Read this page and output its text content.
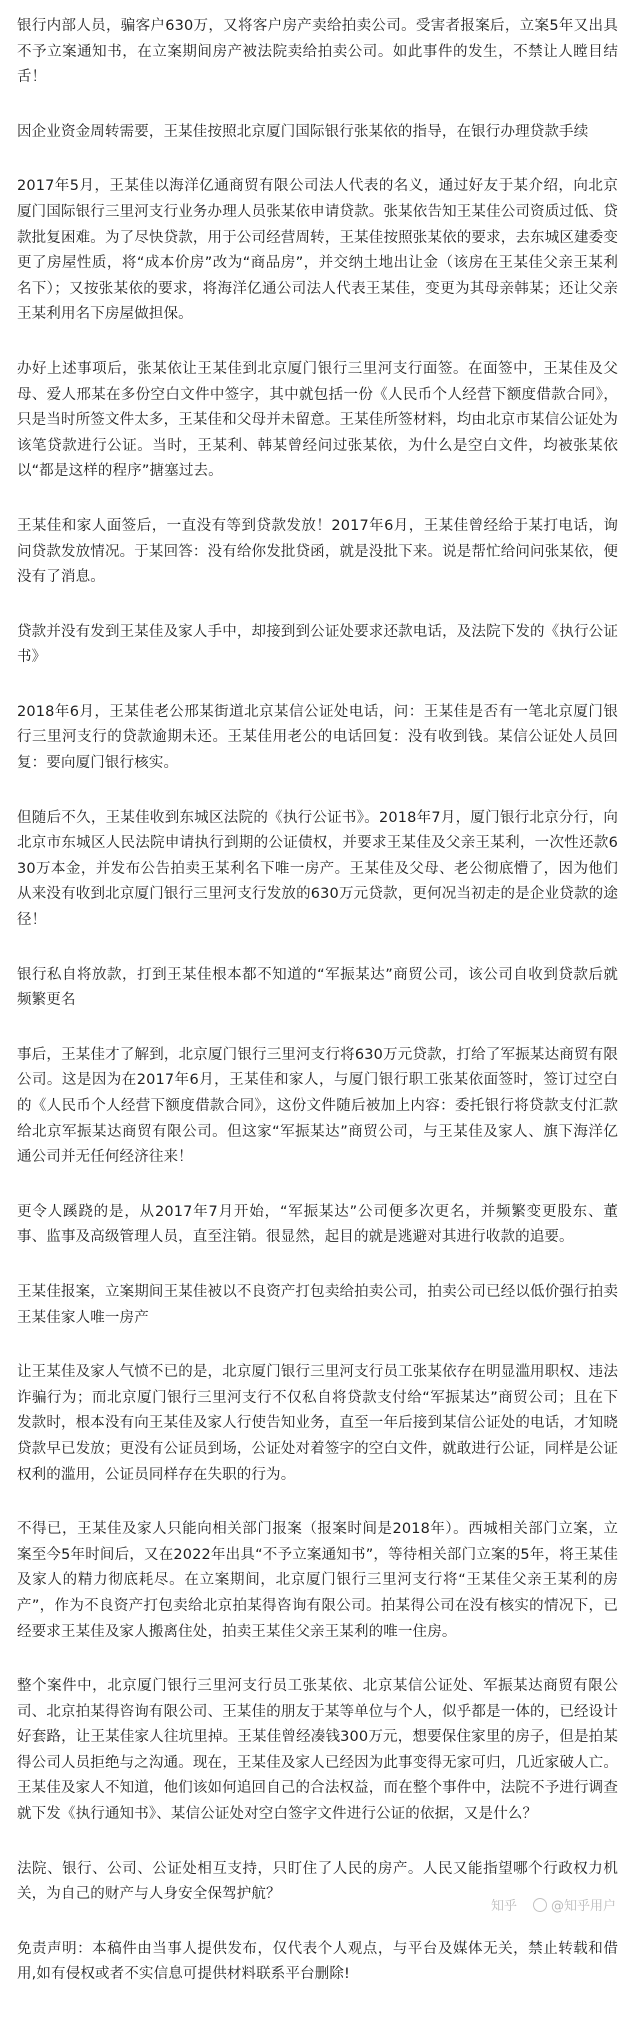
银行内部人员，骗客户630万，又将客户房产卖给拍卖公司。受害者报案后，立案5年又出具不予立案通知书，在立案期间房产被法院卖给拍卖公司。如此事件的发生，不禁让人瞠目结舌！

因企业资金周转需要，王某佳按照北京厦门国际银行张某依的指导，在银行办理贷款手续

2017年5月，王某佳以海洋亿通商贸有限公司法人代表的名义，通过好友于某介绍，向北京厦门国际银行三里河支行业务办理人员张某依申请贷款。张某依告知王某佳公司资质过低、贷款批复困难。为了尽快贷款，用于公司经营周转，王某佳按照张某依的要求，去东城区建委变更了房屋性质，将“成本价房”改为“商品房”，并交纳土地出让金（该房在王某佳父亲王某利名下）；又按张某依的要求，将海洋亿通公司法人代表王某佳，变更为其母亲韩某；还让父亲王某利用名下房屋做担保。

办好上述事项后，张某依让王某佳到北京厦门银行三里河支行面签。在面签中，王某佳及父母、爱人邢某在多份空白文件中签字，其中就包括一份《人民币个人经营下额度借款合同》，只是当时所签文件太多，王某佳和父母并未留意。王某佳所签材料，均由北京市某信公证处为该笔贷款进行公证。当时，王某利、韩某曾经问过张某依，为什么是空白文件，均被张某依以“都是这样的程序”搪塞过去。

王某佳和家人面签后，一直没有等到贷款发放！2017年6月，王某佳曾经给于某打电话，询问贷款发放情况。于某回答：没有给你发批贷函，就是没批下来。说是帮忙给问问张某依，便没有了消息。

贷款并没有发到王某佳及家人手中，却接到到公证处要求还款电话，及法院下发的《执行公证书》

2018年6月，王某佳老公邢某街道北京某信公证处电话，问：王某佳是否有一笔北京厦门银行三里河支行的贷款逾期未还。王某佳用老公的电话回复：没有收到钱。某信公证处人员回复：要向厦门银行核实。

但随后不久，王某佳收到东城区法院的《执行公证书》。2018年7月，厦门银行北京分行，向北京市东城区人民法院申请执行到期的公证债权，并要求王某佳及父亲王某利，一次性还款630万本金，并发布公告拍卖王某利名下唯一房产。王某佳及父母、老公彻底懵了，因为他们从来没有收到北京厦门银行三里河支行发放的630万元贷款，更何况当初走的是企业贷款的途径！

银行私自将放款，打到王某佳根本都不知道的“军振某达”商贸公司，该公司自收到贷款后就频繁更名

事后，王某佳才了解到，北京厦门银行三里河支行将630万元贷款，打给了军振某达商贸有限公司。这是因为在2017年6月，王某佳和家人，与厦门银行职工张某依面签时，签订过空白的《人民币个人经营下额度借款合同》，这份文件随后被加上内容：委托银行将贷款支付汇款给北京军振某达商贸有限公司。但这家“军振某达”商贸公司，与王某佳及家人、旗下海洋亿通公司并无任何经济往来！

更令人蹊跷的是，从2017年7月开始，“军振某达”公司便多次更名，并频繁变更股东、董事、监事及高级管理人员，直至注销。很显然，起目的就是逃避对其进行收款的追要。

王某佳报案，立案期间王某佳被以不良资产打包卖给拍卖公司，拍卖公司已经以低价强行拍卖王某佳家人唯一房产

让王某佳及家人气愤不已的是，北京厦门银行三里河支行员工张某依存在明显滥用职权、违法诈骗行为；而北京厦门银行三里河支行不仅私自将贷款支付给“军振某达”商贸公司；且在下发款时，根本没有向王某佳及家人行使告知业务，直至一年后接到某信公证处的电话，才知晓贷款早已发放；更没有公证员到场，公证处对着签字的空白文件，就敢进行公证，同样是公证权利的滥用，公证员同样存在失职的行为。

不得已，王某佳及家人只能向相关部门报案（报案时间是2018年）。西城相关部门立案，立案至今5年时间后，又在2022年出具“不予立案通知书”，等待相关部门立案的5年，将王某佳及家人的精力彻底耗尽。在立案期间，北京厦门银行三里河支行将“王某佳父亲王某利的房产”，作为不良资产打包卖给北京拍某得咨询有限公司。拍某得公司在没有核实的情况下，已经要求王某佳及家人搬离住处，拍卖王某佳父亲王某利的唯一住房。

整个案件中，北京厦门银行三里河支行员工张某依、北京某信公证处、军振某达商贸有限公司、北京拍某得咨询有限公司、王某佳的朋友于某等单位与个人，似乎都是一体的，已经设计好套路，让王某佳家人往坑里掉。王某佳曾经凑钱300万元，想要保住家里的房子，但是拍某得公司人员拒绝与之沟通。现在，王某佳及家人已经因为此事变得无家可归，几近家破人亡。王某佳及家人不知道，他们该如何追回自己的合法权益，而在整个事件中，法院不予进行调查就下发《执行通知书》、某信公证处对空白签字文件进行公证的依据，又是什么？

法院、银行、公司、公证处相互支持，只盯住了人民的房产。人民又能指望哪个行政权力机关，为自己的财产与人身安全保驾护航？

免责声明：本稿件由当事人提供发布，仅代表个人观点，与平台及媒体无关，禁止转载和借用,如有侵权或者不实信息可提供材料联系平台删除!

知乎	@知乎用户
